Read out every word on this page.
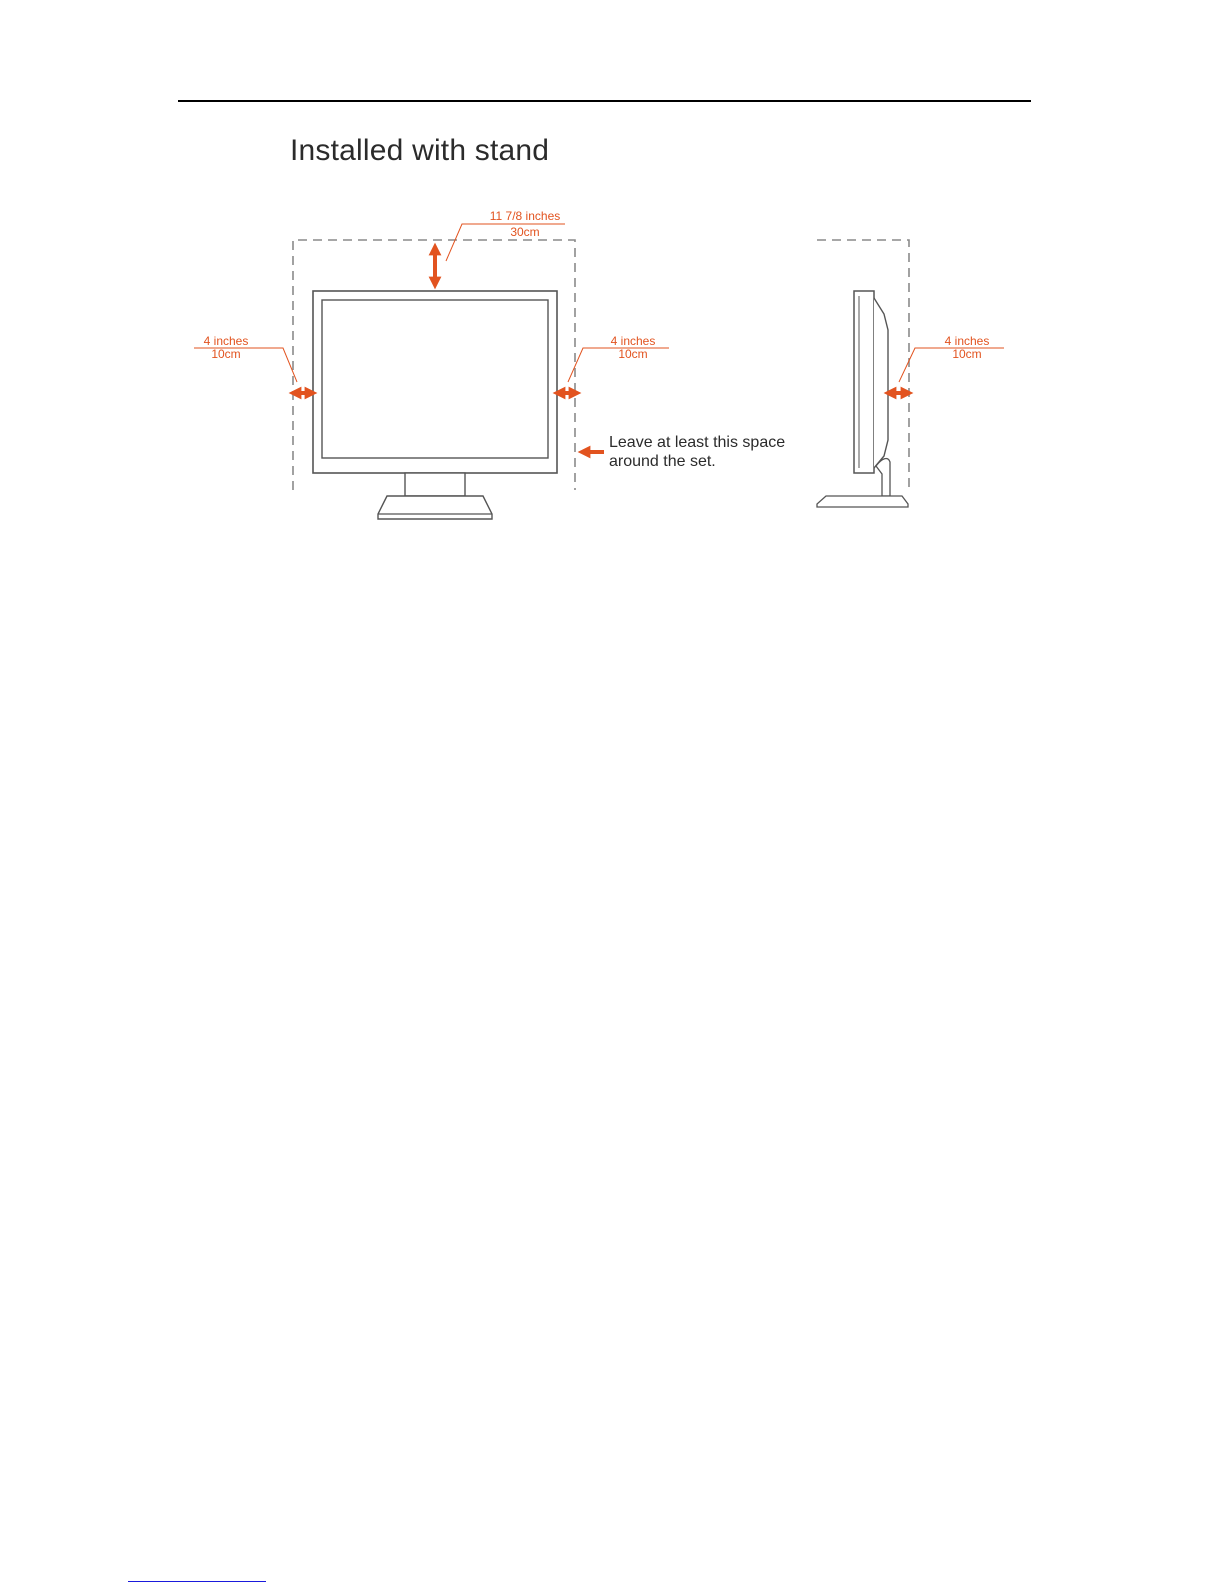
Installed with stand
11 7/8 inches
30cm
4 inches
10cm
4 inches
10cm
Leave at least this space
around the set.
4 inches
10cm
